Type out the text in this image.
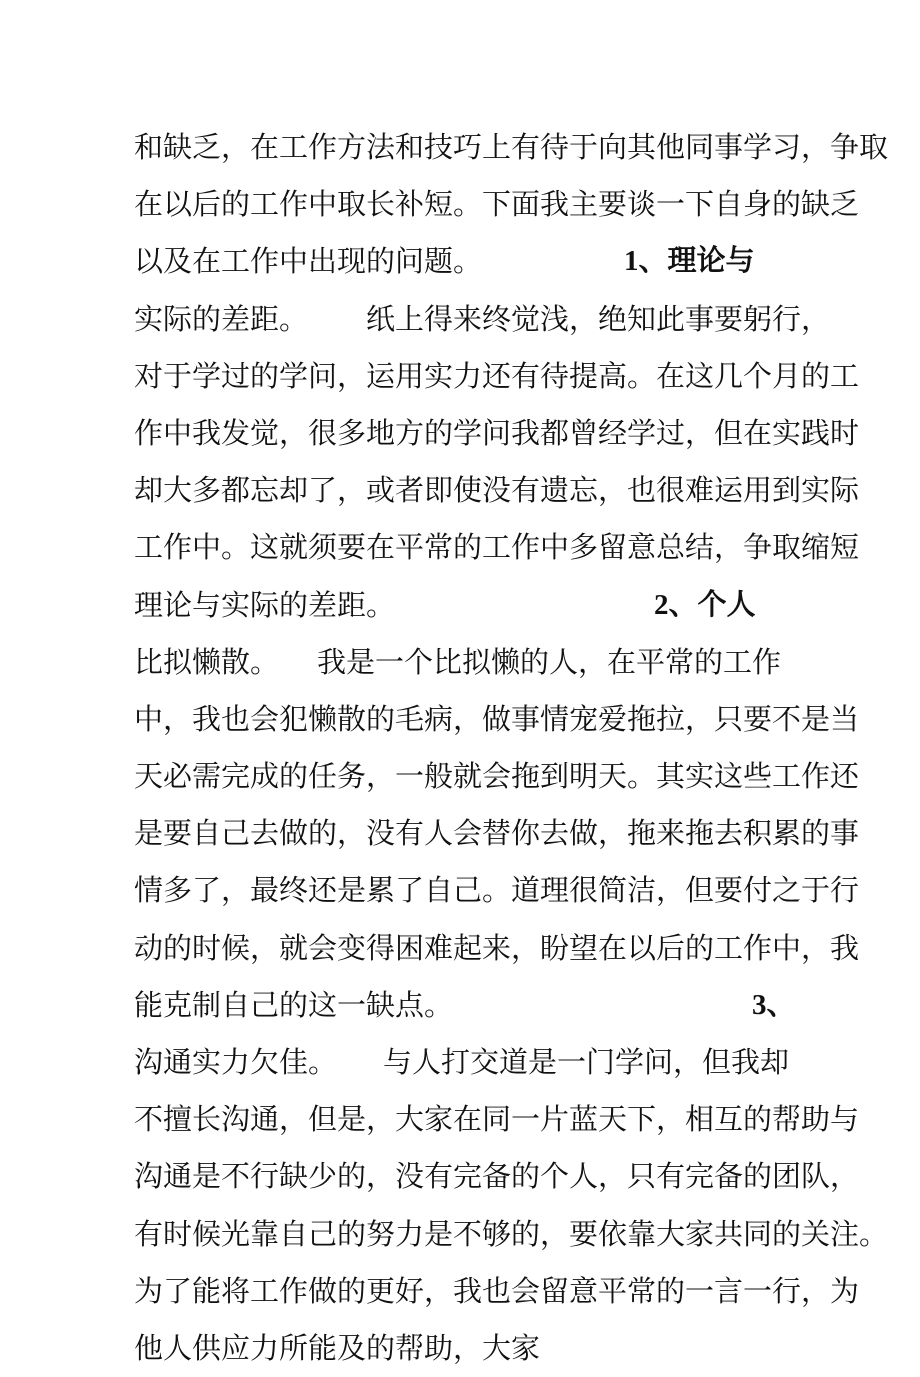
和缺乏，在工作方法和技巧上有待于向其他同事学习，争取
在以后的工作中取长补短。下面我主要谈一下自身的缺乏
以及在工作中出现的问题。	1、理论与
实际的差距。 纸上得来终觉浅，绝知此事要躬行，
对于学过的学问，运用实力还有待提高。在这几个月的工
作中我发觉，很多地方的学问我都曾经学过，但在实践时
却大多都忘却了，或者即使没有遗忘，也很难运用到实际
工作中。这就须要在平常的工作中多留意总结，争取缩短
理论与实际的差距。	2、个人
比拟懒散。 我是一个比拟懒的人，在平常的工作
中，我也会犯懒散的毛病，做事情宠爱拖拉，只要不是当
天必需完成的任务，一般就会拖到明天。其实这些工作还
是要自己去做的，没有人会替你去做，拖来拖去积累的事
情多了，最终还是累了自己。道理很简洁，但要付之于行
动的时候，就会变得困难起来，盼望在以后的工作中，我
能克制自己的这一缺点。	3、
沟通实力欠佳。 与人打交道是一门学问，但我却
不擅长沟通，但是，大家在同一片蓝天下，相互的帮助与
沟通是不行缺少的，没有完备的个人，只有完备的团队，
有时候光靠自己的努力是不够的，要依靠大家共同的关注。
为了能将工作做的更好，我也会留意平常的一言一行，为
他人供应力所能及的帮助，大家
